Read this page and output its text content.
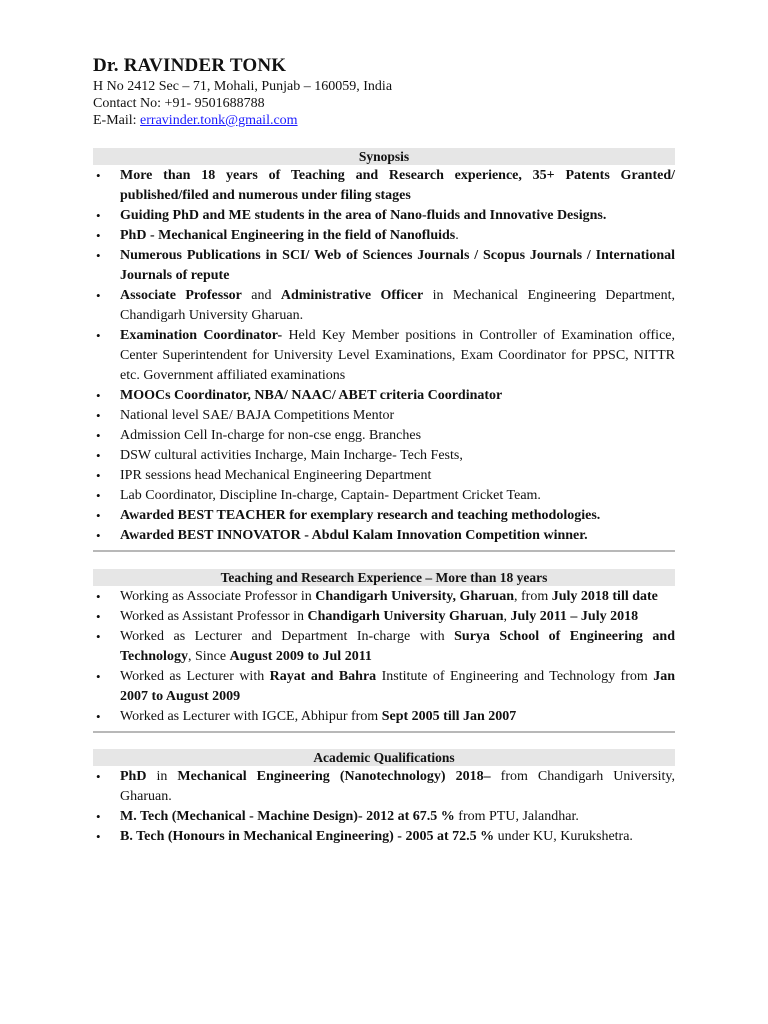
Dr. RAVINDER TONK
H No 2412 Sec – 71, Mohali, Punjab – 160059, India
Contact No: +91- 9501688788
E-Mail: erravinder.tonk@gmail.com
Synopsis
• More than 18 years of Teaching and Research experience, 35+ Patents Granted/ published/filed and numerous under filing stages
• Guiding PhD and ME students in the area of Nano-fluids and Innovative Designs.
• PhD - Mechanical Engineering in the field of Nanofluids.
• Numerous Publications in SCI/ Web of Sciences Journals / Scopus Journals / International Journals of repute
• Associate Professor and Administrative Officer in Mechanical Engineering Department, Chandigarh University Gharuan.
• Examination Coordinator- Held Key Member positions in Controller of Examination office, Center Superintendent for University Level Examinations, Exam Coordinator for PPSC, NITTR etc. Government affiliated examinations
• MOOCs Coordinator, NBA/ NAAC/ ABET criteria Coordinator
• National level SAE/ BAJA Competitions Mentor
• Admission Cell In-charge for non-cse engg. Branches
• DSW cultural activities Incharge, Main Incharge- Tech Fests,
• IPR sessions head Mechanical Engineering Department
• Lab Coordinator, Discipline In-charge, Captain- Department Cricket Team.
• Awarded BEST TEACHER for exemplary research and teaching methodologies.
• Awarded BEST INNOVATOR - Abdul Kalam Innovation Competition winner.
Teaching and Research Experience – More than 18 years
• Working as Associate Professor in Chandigarh University, Gharuan, from July 2018 till date
• Worked as Assistant Professor in Chandigarh University Gharuan, July 2011 – July 2018
• Worked as Lecturer and Department In-charge with Surya School of Engineering and Technology, Since August 2009 to Jul 2011
• Worked as Lecturer with Rayat and Bahra Institute of Engineering and Technology from Jan 2007 to August 2009
• Worked as Lecturer with IGCE, Abhipur from Sept 2005 till Jan 2007
Academic Qualifications
• PhD in Mechanical Engineering (Nanotechnology) 2018– from Chandigarh University, Gharuan.
• M. Tech (Mechanical - Machine Design)- 2012 at 67.5 % from PTU, Jalandhar.
• B. Tech (Honours in Mechanical Engineering) - 2005 at 72.5 % under KU, Kurukshetra.
